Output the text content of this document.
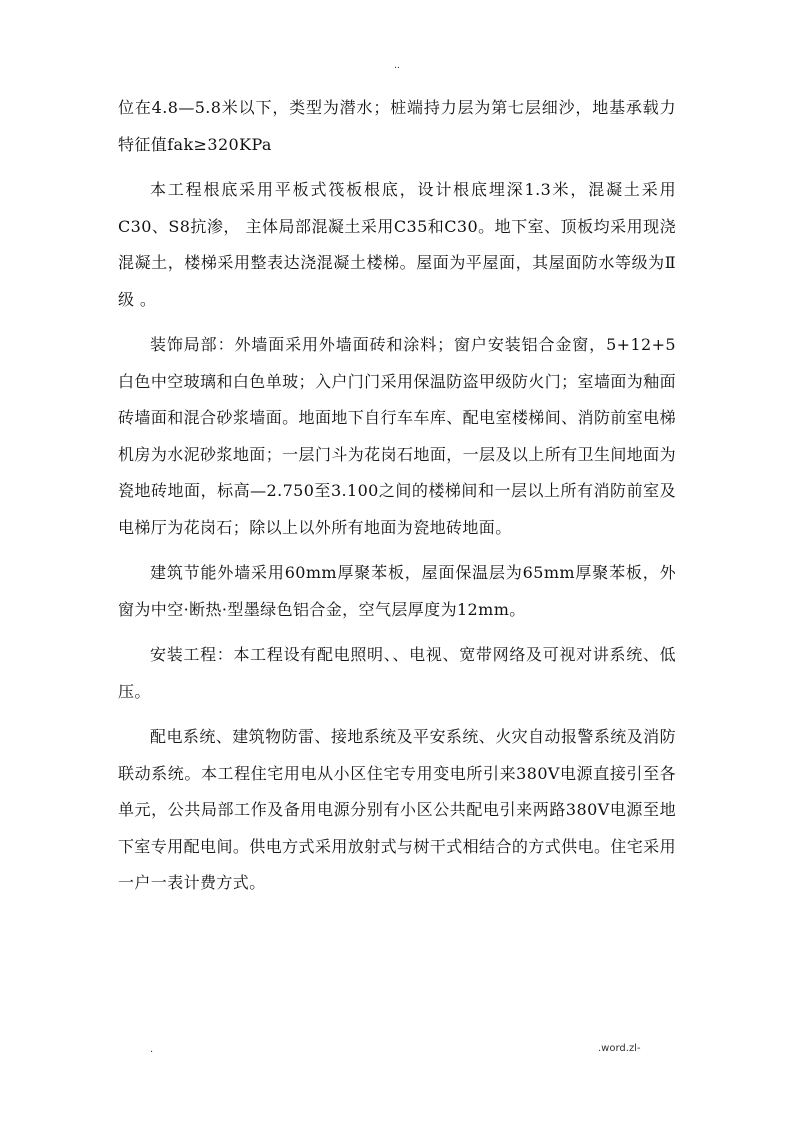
..

位在4.8—5.8米以下，类型为潜水；桩端持力层为第七层细沙，地基承载力特征值fak≥320KPa

本工程根底采用平板式筏板根底，设计根底埋深1.3米，混凝土采用C30、S8抗渗， 主体局部混凝土采用C35和C30。地下室、顶板均采用现浇混凝土，楼梯采用整表达浇混凝土楼梯。屋面为平屋面，其屋面防水等级为Ⅱ级 。

装饰局部：外墙面采用外墙面砖和涂料；窗户安装铝合金窗，5+12+5白色中空玻璃和白色单玻；入户门门采用保温防盗甲级防火门；室墙面为釉面砖墙面和混合砂浆墙面。地面地下自行车车库、配电室楼梯间、消防前室电梯机房为水泥砂浆地面；一层门斗为花岗石地面，一层及以上所有卫生间地面为瓷地砖地面，标高—2.750至3.100之间的楼梯间和一层以上所有消防前室及电梯厅为花岗石；除以上以外所有地面为瓷地砖地面。

建筑节能外墙采用60mm厚聚苯板，屋面保温层为65mm厚聚苯板，外窗为中空·断热·型墨绿色铝合金，空气层厚度为12mm。

安装工程：本工程设有配电照明、、电视、宽带网络及可视对讲系统、低压。

配电系统、建筑物防雷、接地系统及平安系统、火灾自动报警系统及消防联动系统。本工程住宅用电从小区住宅专用变电所引来380V电源直接引至各单元，公共局部工作及备用电源分别有小区公共配电引来两路380V电源至地下室专用配电间。供电方式采用放射式与树干式相结合的方式供电。住宅采用一户一表计费方式。

.	.word.zl-
